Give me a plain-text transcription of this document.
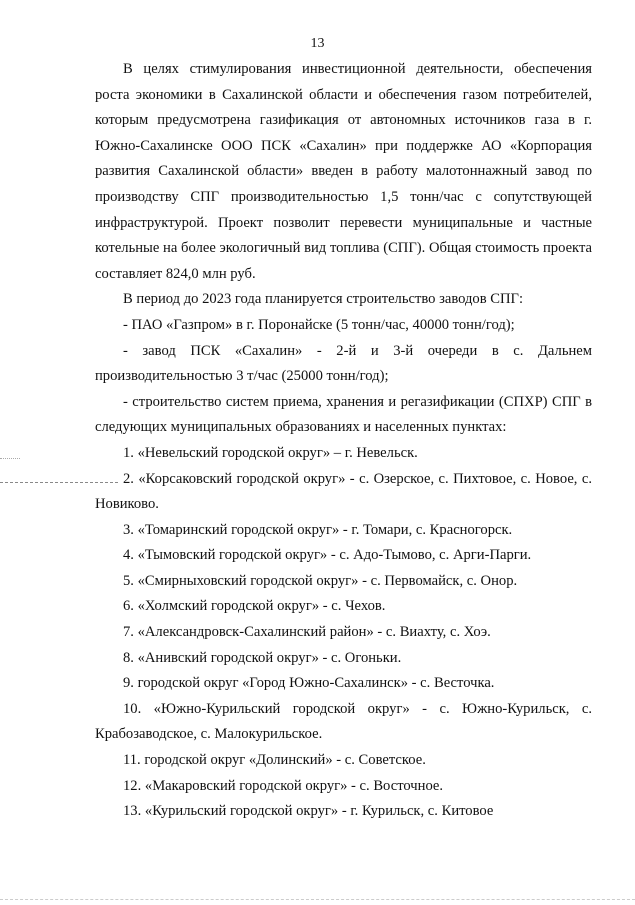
13

В целях стимулирования инвестиционной деятельности, обеспечения роста экономики в Сахалинской области и обеспечения газом потребителей, которым предусмотрена газификация от автономных источников газа в г. Южно-Сахалинске ООО ПСК «Сахалин» при поддержке АО «Корпорация развития Сахалинской области» введен в работу малотоннажный завод по производству СПГ производительностью 1,5 тонн/час с сопутствующей инфраструктурой. Проект позволит перевести муниципальные и частные котельные на более экологичный вид топлива (СПГ). Общая стоимость проекта составляет 824,0 млн руб.

В период до 2023 года планируется строительство заводов СПГ:

- ПАО «Газпром» в г. Поронайске (5 тонн/час, 40000 тонн/год);

- завод ПСК «Сахалин» - 2-й и 3-й очереди в с. Дальнем производительностью 3 т/час (25000 тонн/год);

- строительство систем приема, хранения и регазификации (СПХР) СПГ в следующих муниципальных образованиях и населенных пунктах:

1. «Невельский городской округ» – г. Невельск.

2. «Корсаковский городской округ» - с. Озерское, с. Пихтовое, с. Новое, с. Новиково.

3. «Томаринский городской округ» - г. Томари, с. Красногорск.

4. «Тымовский городской округ» - с. Адо-Тымово, с. Арги-Парги.

5. «Смирныховский городской округ» - с. Первомайск, с. Онор.

6. «Холмский городской округ» - с. Чехов.

7. «Александровск-Сахалинский район» - с. Виахту, с. Хоэ.

8. «Анивский городской округ» - с. Огоньки.

9. городской округ «Город Южно-Сахалинск» - с. Весточка.

10. «Южно-Курильский городской округ» - с. Южно-Курильск, с. Крабозаводское, с. Малокурильское.

11. городской округ «Долинский» - с. Советское.

12. «Макаровский городской округ» - с. Восточное.

13. «Курильский городской округ» - г. Курильск, с. Китовое
